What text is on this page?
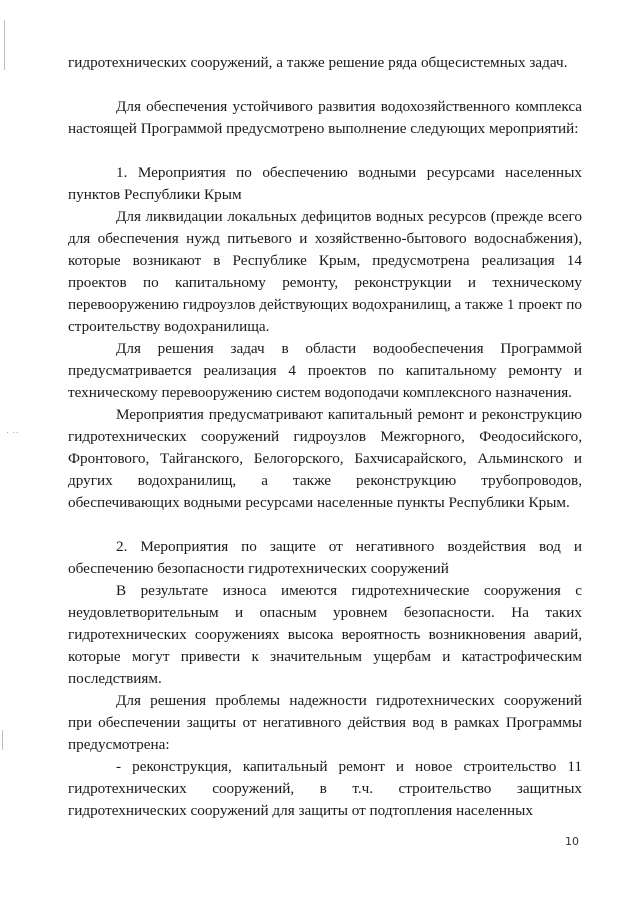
· ··

гидротехнических сооружений, а также решение ряда общесистемных задач.

Для обеспечения устойчивого развития водохозяйственного комплекса настоящей Программой предусмотрено выполнение следующих мероприятий:

1. Мероприятия по обеспечению водными ресурсами населенных пунктов Республики Крым

Для ликвидации локальных дефицитов водных ресурсов (прежде всего для обеспечения нужд питьевого и хозяйственно-бытового водоснабжения), которые возникают в Республике Крым, предусмотрена реализация 14 проектов по капитальному ремонту, реконструкции и техническому перевооружению гидроузлов действующих водохранилищ, а также 1 проект по строительству водохранилища.

Для решения задач в области водообеспечения Программой предусматривается реализация 4 проектов по капитальному ремонту и техническому перевооружению систем водоподачи комплексного назначения.

Мероприятия предусматривают капитальный ремонт и реконструкцию гидротехнических сооружений гидроузлов Межгорного, Феодосийского, Фронтового, Тайганского, Белогорского, Бахчисарайского, Альминского и других водохранилищ, а также реконструкцию трубопроводов, обеспечивающих водными ресурсами населенные пункты Республики Крым.

2. Мероприятия по защите от негативного воздействия вод и обеспечению безопасности гидротехнических сооружений

В результате износа имеются гидротехнические сооружения с неудовлетворительным и опасным уровнем безопасности. На таких гидротехнических сооружениях высока вероятность возникновения аварий, которые могут привести к значительным ущербам и катастрофическим последствиям.

Для решения проблемы надежности гидротехнических сооружений при обеспечении защиты от негативного действия вод в рамках Программы предусмотрена:

- реконструкция, капитальный ремонт и новое строительство 11 гидротехнических сооружений, в т.ч. строительство защитных гидротехнических сооружений для защиты от подтопления населенных

10
